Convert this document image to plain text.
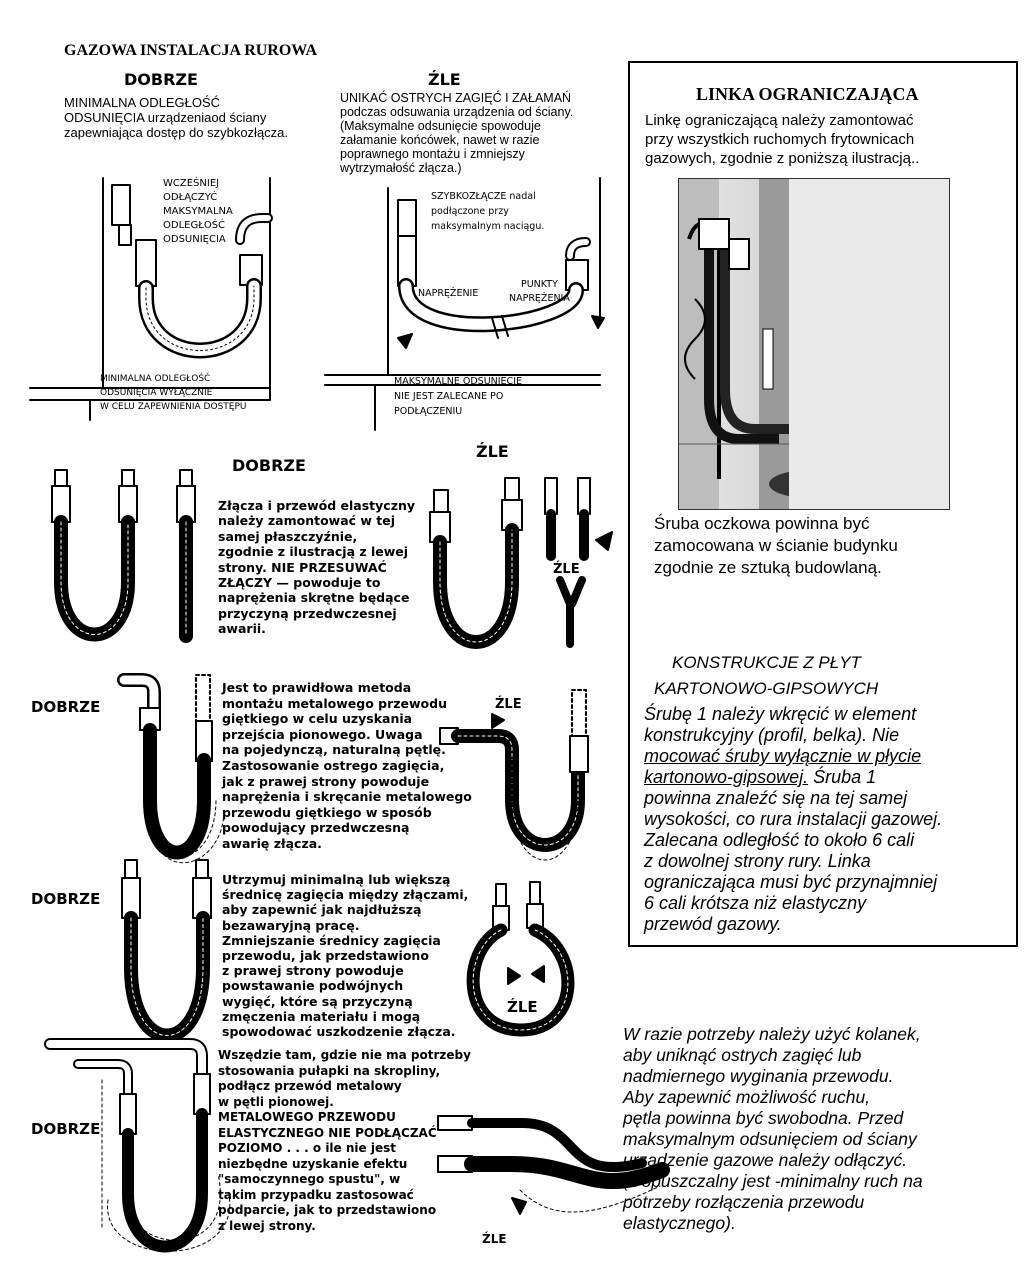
GAZOWA INSTALACJA RUROWA
DOBRZE
MINIMALNA ODLEGŁOŚĆ
ODSUNIĘCIA urządzeniaod ściany
zapewniająca dostęp do szybkozłącza.
WCZEŚNIEJ
ODŁĄCZYĆ
MAKSYMALNA
ODLEGŁOŚĆ
ODSUNIĘCIA
MINIMALNA ODLEGŁOŚĆ
ODSUNIĘCIA WYŁĄCZNIE
W CELU ZAPEWNIENIA DOSTĘPU
ŹLE
UNIKAĆ OSTRYCH ZAGIĘĆ I ZAŁAMAŃ
podczas odsuwania urządzenia od ściany.
(Maksymalne odsunięcie spowoduje
załamanie końcówek, nawet w razie
poprawnego montażu i zmniejszy
wytrzymałość złącza.)
SZYBKOZŁĄCZE nadal
podłączone przy
maksymalnym naciągu.
NAPRĘŻENIE
PUNKTY
NAPRĘŻENIA
MAKSYMALNE ODSUNIĘCIE
NIE JEST ZALECANE PO
PODŁĄCZENIU
LINKA OGRANICZAJĄCA
Linkę ograniczającą należy zamontować
przy wszystkich ruchomych frytownicach
gazowych, zgodnie z poniższą ilustracją..
Śruba oczkowa powinna być
zamocowana w ścianie budynku
zgodnie ze sztuką budowlaną.
KONSTRUKCJE Z PŁYT
KARTONOWO-GIPSOWYCH
Śrubę 1 należy wkręcić w element
konstrukcyjny (profil, belka). Nie
mocować śruby wyłącznie w płycie
kartonowo-gipsowej. Śruba 1
powinna znaleźć się na tej samej
wysokości, co rura instalacji gazowej.
Zalecana odległość to około 6 cali
z dowolnej strony rury. Linka
ograniczająca musi być przynajmniej
6 cali krótsza niż elastyczny
przewód gazowy.
DOBRZE
Złącza i przewód elastyczny
należy zamontować w tej
samej płaszczyźnie,
zgodnie z ilustracją z lewej
strony. NIE PRZESUWAĆ
ZŁĄCZY — powoduje to
naprężenia skrętne będące
przyczyną przedwczesnej
awarii.
ŹLE
ŹLE
DOBRZE
Jest to prawidłowa metoda
montażu metalowego przewodu
giętkiego w celu uzyskania
przejścia pionowego. Uwaga
na pojedynczą, naturalną pętlę.
Zastosowanie ostrego zagięcia,
jak z prawej strony powoduje
naprężenia i skręcanie metalowego
przewodu giętkiego w sposób
powodujący przedwczesną
awarię złącza.
ŹLE
DOBRZE
Utrzymuj minimalną lub większą
średnicę zagięcia między złączami,
aby zapewnić jak najdłuższą
bezawaryjną pracę.
Zmniejszanie średnicy zagięcia
przewodu, jak przedstawiono
z prawej strony powoduje
powstawanie podwójnych
wygięć, które są przyczyną
zmęczenia materiału i mogą
spowodować uszkodzenie złącza.
ŹLE
DOBRZE
Wszędzie tam, gdzie nie ma potrzeby
stosowania pułapki na skropliny,
podłącz przewód metalowy
w pętli pionowej.
METALOWEGO PRZEWODU
ELASTYCZNEGO NIE PODŁĄCZAĆ
POZIOMO . . . o ile nie jest
niezbędne uzyskanie efektu
"samoczynnego spustu", w
takim przypadku zastosować
podparcie, jak to przedstawiono
z lewej strony.
ŹLE
W razie potrzeby należy użyć kolanek,
aby uniknąć ostrych zagięć lub
nadmiernego wyginania przewodu.
Aby zapewnić możliwość ruchu,
pętla powinna być swobodna. Przed
maksymalnym odsunięciem od ściany
urządzenie gazowe należy odłączyć.
(Dopuszczalny jest -minimalny ruch na
potrzeby rozłączenia przewodu
elastycznego).
